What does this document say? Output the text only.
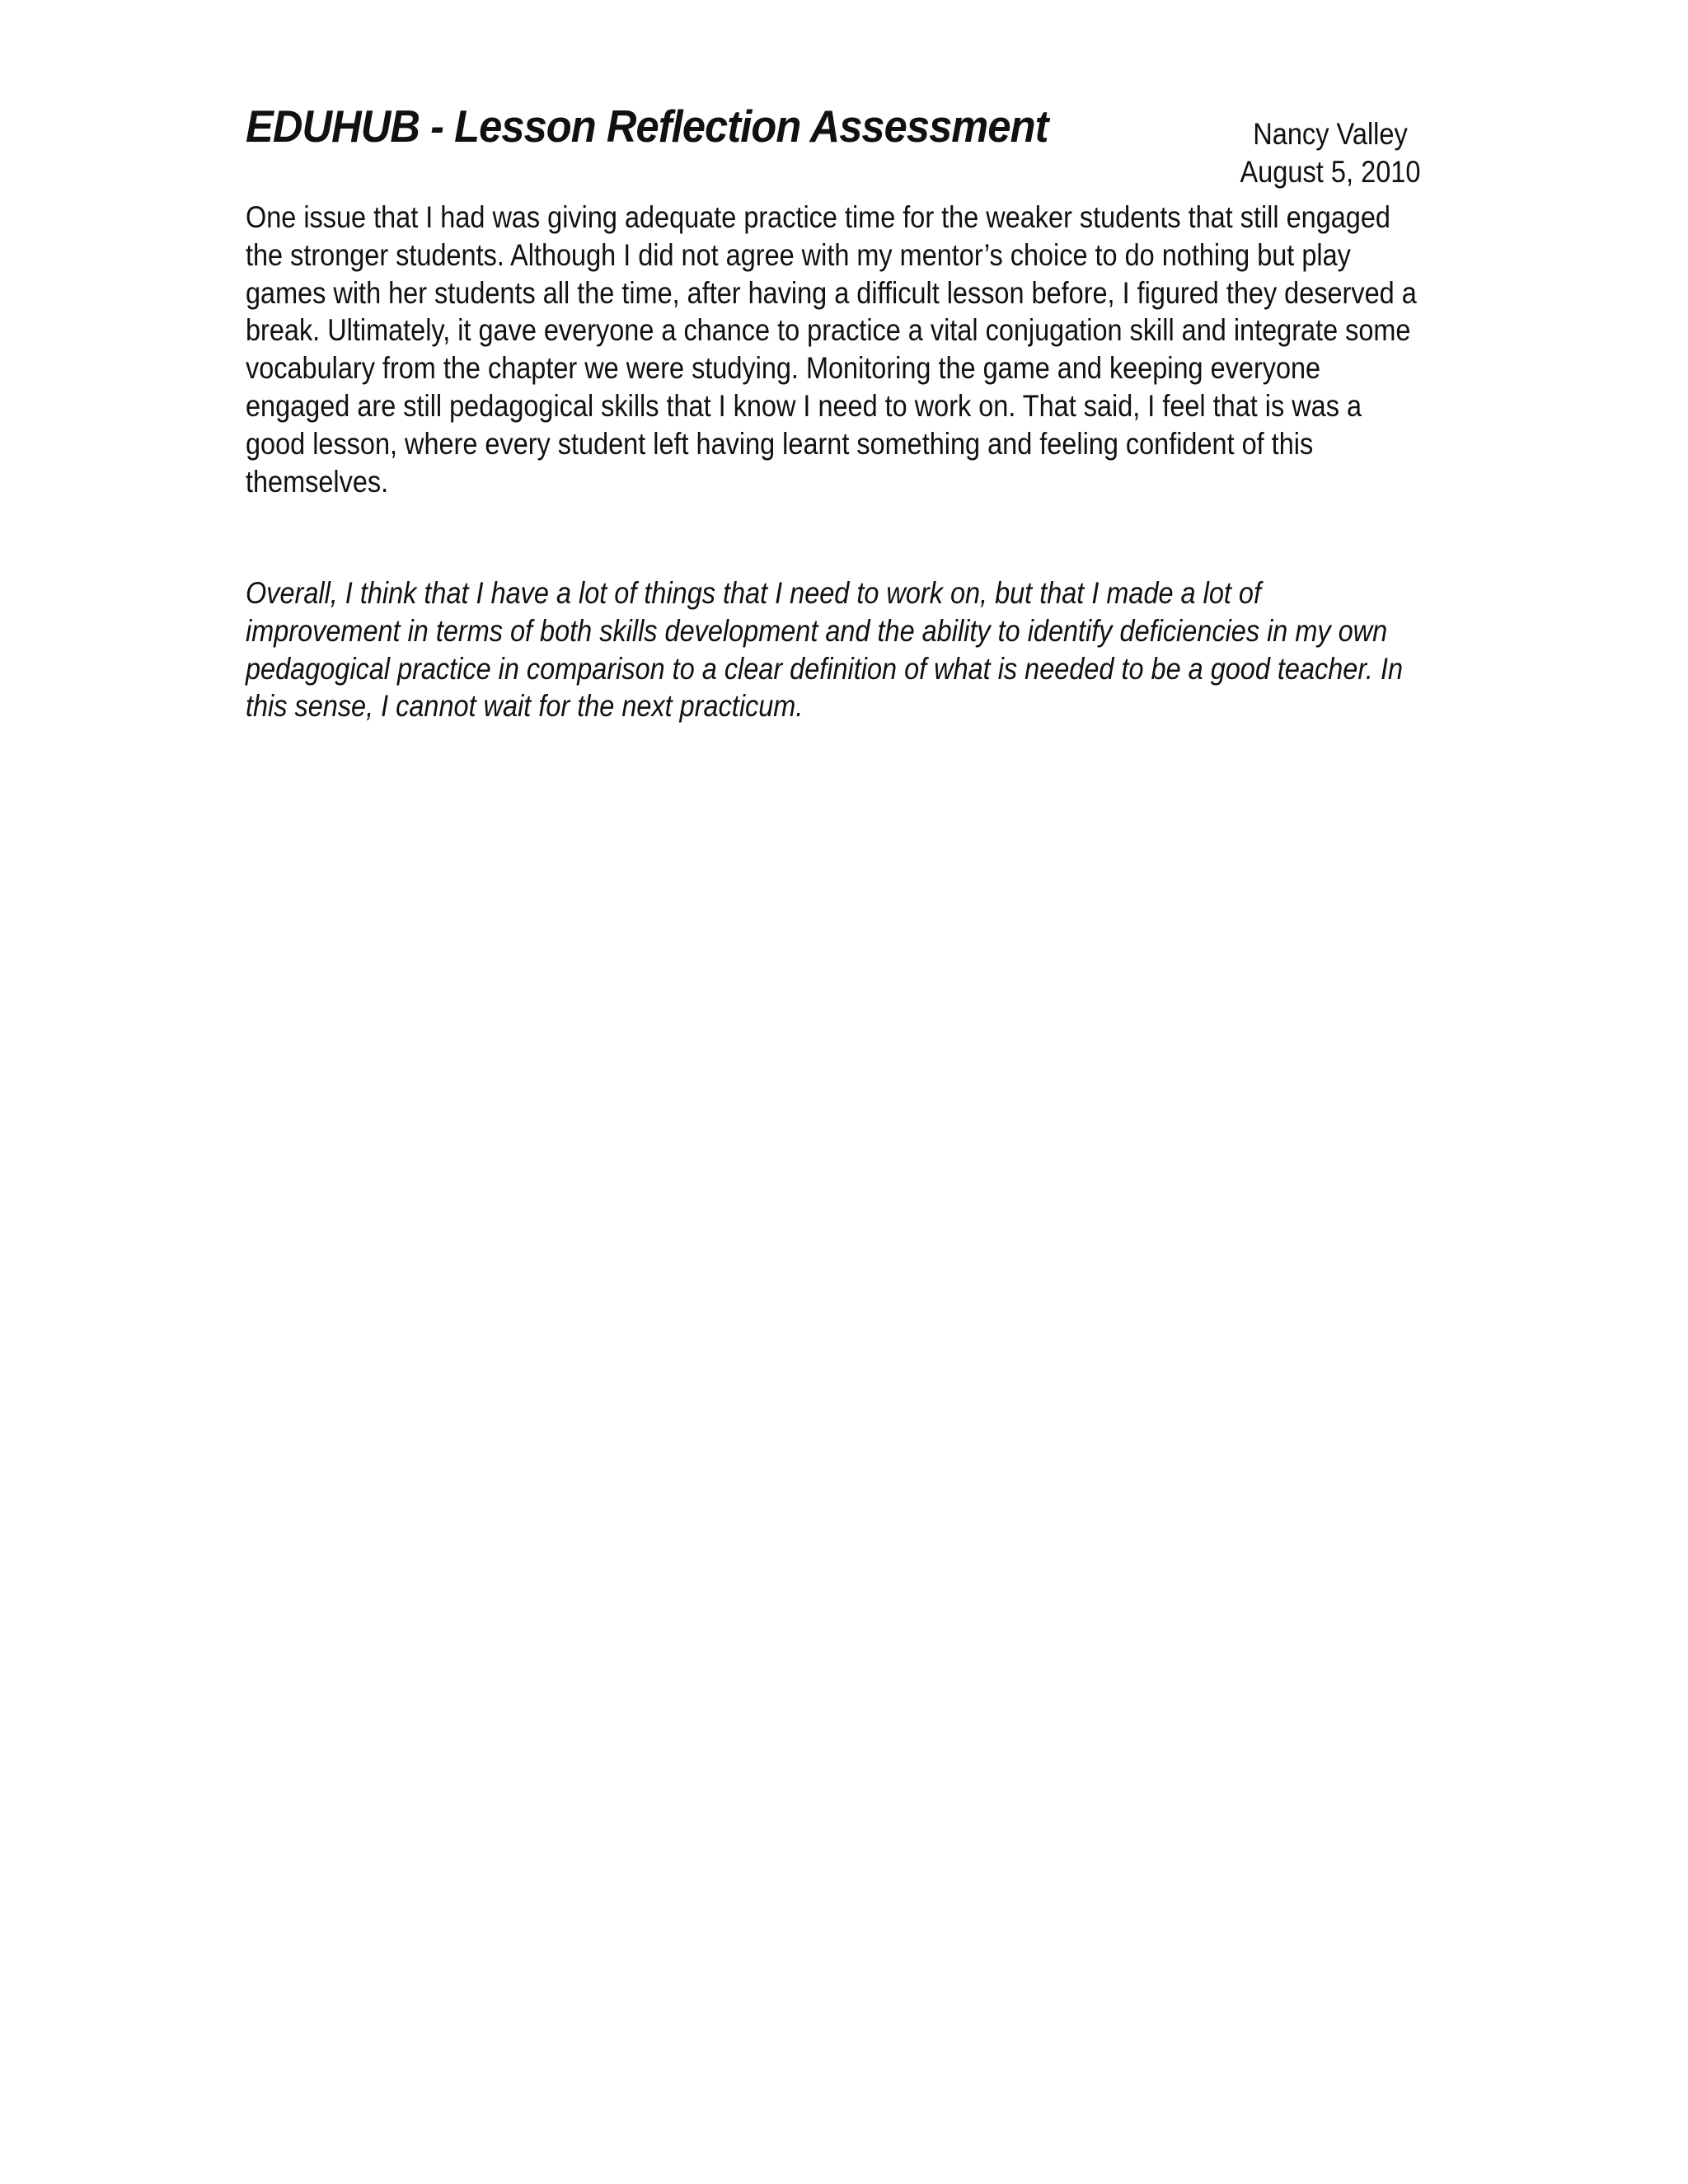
EDUHUB - Lesson Reflection Assessment	Nancy Valley
August 5, 2010

One issue that I had was giving adequate practice time for the weaker students that still engaged
the stronger students. Although I did not agree with my mentor’s choice to do nothing but play
games with her students all the time, after having a difficult lesson before, I figured they deserved a
break. Ultimately, it gave everyone a chance to practice a vital conjugation skill and integrate some
vocabulary from the chapter we were studying. Monitoring the game and keeping everyone
engaged are still pedagogical skills that I know I need to work on. That said, I feel that is was a
good lesson, where every student left having learnt something and feeling confident of this
themselves.

Overall, I think that I have a lot of things that I need to work on, but that I made a lot of
improvement in terms of both skills development and the ability to identify deficiencies in my own
pedagogical practice in comparison to a clear definition of what is needed to be a good teacher. In
this sense, I cannot wait for the next practicum.
